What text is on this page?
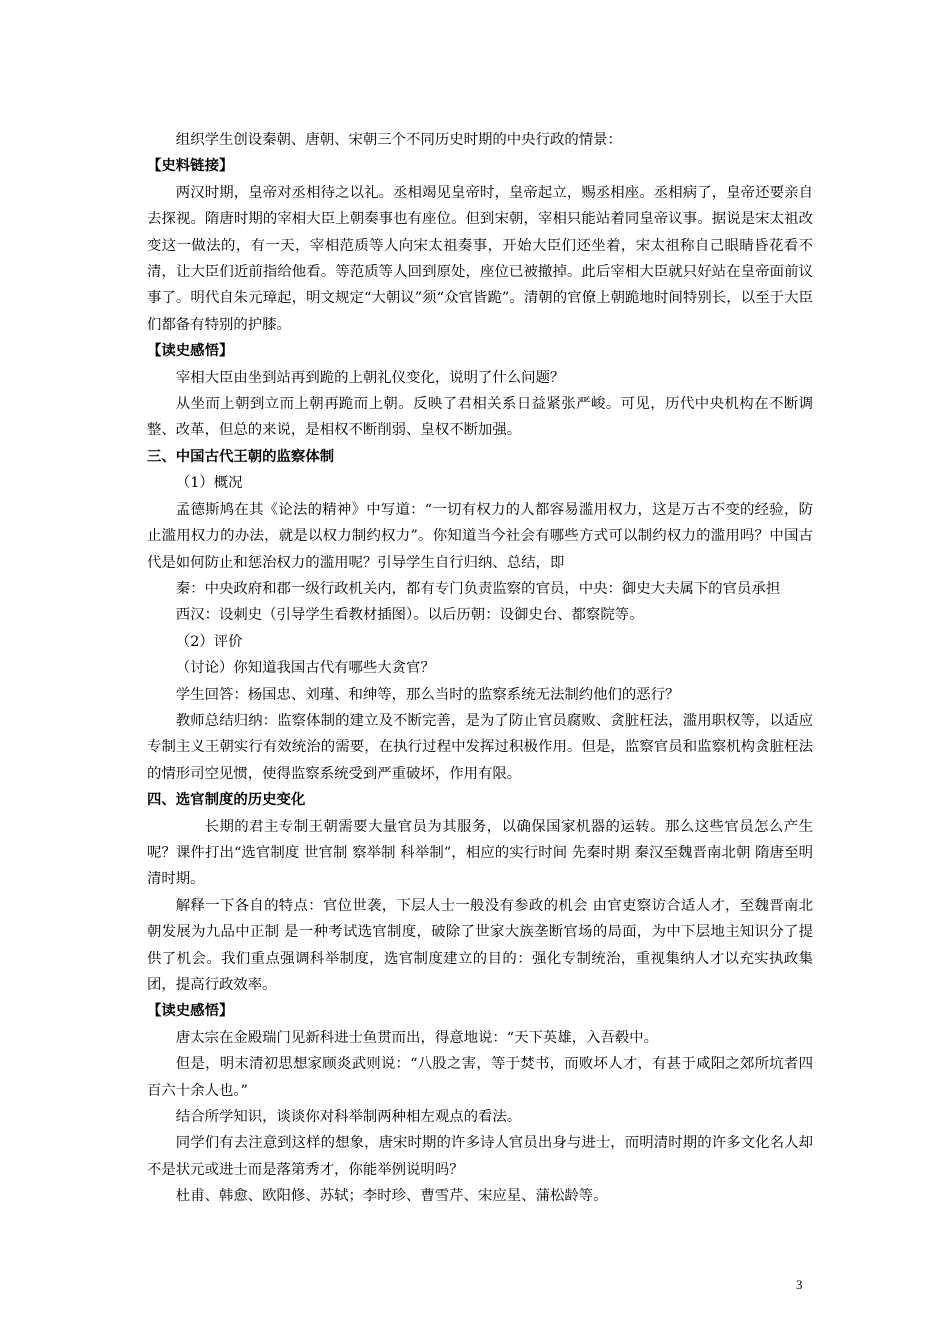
组织学生创设秦朝、唐朝、宋朝三个不同历史时期的中央行政的情景：

【史料链接】

两汉时期，皇帝对丞相待之以礼。丞相竭见皇帝时，皇帝起立，赐丞相座。丞相病了，皇帝还要亲自去探视。隋唐时期的宰相大臣上朝奏事也有座位。但到宋朝，宰相只能站着同皇帝议事。据说是宋太祖改变这一做法的，有一天，宰相范质等人向宋太祖奏事，开始大臣们还坐着，宋太祖称自己眼睛昏花看不清，让大臣们近前指给他看。等范质等人回到原处，座位已被撤掉。此后宰相大臣就只好站在皇帝面前议事了。明代自朱元璋起，明文规定“大朝议”须“众官皆跪”。清朝的官僚上朝跪地时间特别长，以至于大臣们都备有特别的护膝。

【读史感悟】

宰相大臣由坐到站再到跪的上朝礼仪变化，说明了什么问题？

从坐而上朝到立而上朝再跪而上朝。反映了君相关系日益紧张严峻。可见，历代中央机构在不断调整、改革，但总的来说，是相权不断削弱、皇权不断加强。

三、中国古代王朝的监察体制

（1）概况

孟德斯鸠在其《论法的精神》中写道：“一切有权力的人都容易滥用权力，这是万古不变的经验，防止滥用权力的办法，就是以权力制约权力”。你知道当今社会有哪些方式可以制约权力的滥用吗？中国古代是如何防止和惩治权力的滥用呢？引导学生自行归纳、总结，即

秦：中央政府和郡一级行政机关内，都有专门负责监察的官员，中央：御史大夫属下的官员承担

西汉：设刺史（引导学生看教材插图）。以后历朝：设御史台、都察院等。

（2）评价

（讨论）你知道我国古代有哪些大贪官？

学生回答：杨国忠、刘瑾、和绅等，那么当时的监察系统无法制约他们的恶行？

教师总结归纳：监察体制的建立及不断完善，是为了防止官员腐败、贪脏枉法，滥用职权等，以适应专制主义王朝实行有效统治的需要，在执行过程中发挥过积极作用。但是，监察官员和监察机构贪脏枉法的情形司空见惯，使得监察系统受到严重破坏，作用有限。

四、选官制度的历史变化

长期的君主专制王朝需要大量官员为其服务，以确保国家机器的运转。那么这些官员怎么产生呢？课件打出“选官制度 世官制 察举制 科举制”，相应的实行时间 先秦时期 秦汉至魏晋南北朝 隋唐至明清时期。

解释一下各自的特点：官位世袭，下层人士一般没有参政的机会 由官吏察访合适人才，至魏晋南北朝发展为九品中正制 是一种考试选官制度，破除了世家大族垄断官场的局面，为中下层地主知识分了提供了机会。我们重点强调科举制度，选官制度建立的目的：强化专制统治，重视集纳人才以充实执政集团，提高行政效率。

【读史感悟】

唐太宗在金殿瑞门见新科进士鱼贯而出，得意地说：“天下英雄，入吾毂中。

但是，明末清初思想家顾炎武则说：“八股之害，等于焚书，而败坏人才，有甚于咸阳之郊所坑者四百六十余人也。”

结合所学知识，谈谈你对科举制两种相左观点的看法。

同学们有去注意到这样的想象，唐宋时期的许多诗人官员出身与进士，而明清时期的许多文化名人却不是状元或进士而是落第秀才，你能举例说明吗？

杜甫、韩愈、欧阳修、苏轼；李时珍、曹雪芹、宋应星、蒲松龄等。

3
